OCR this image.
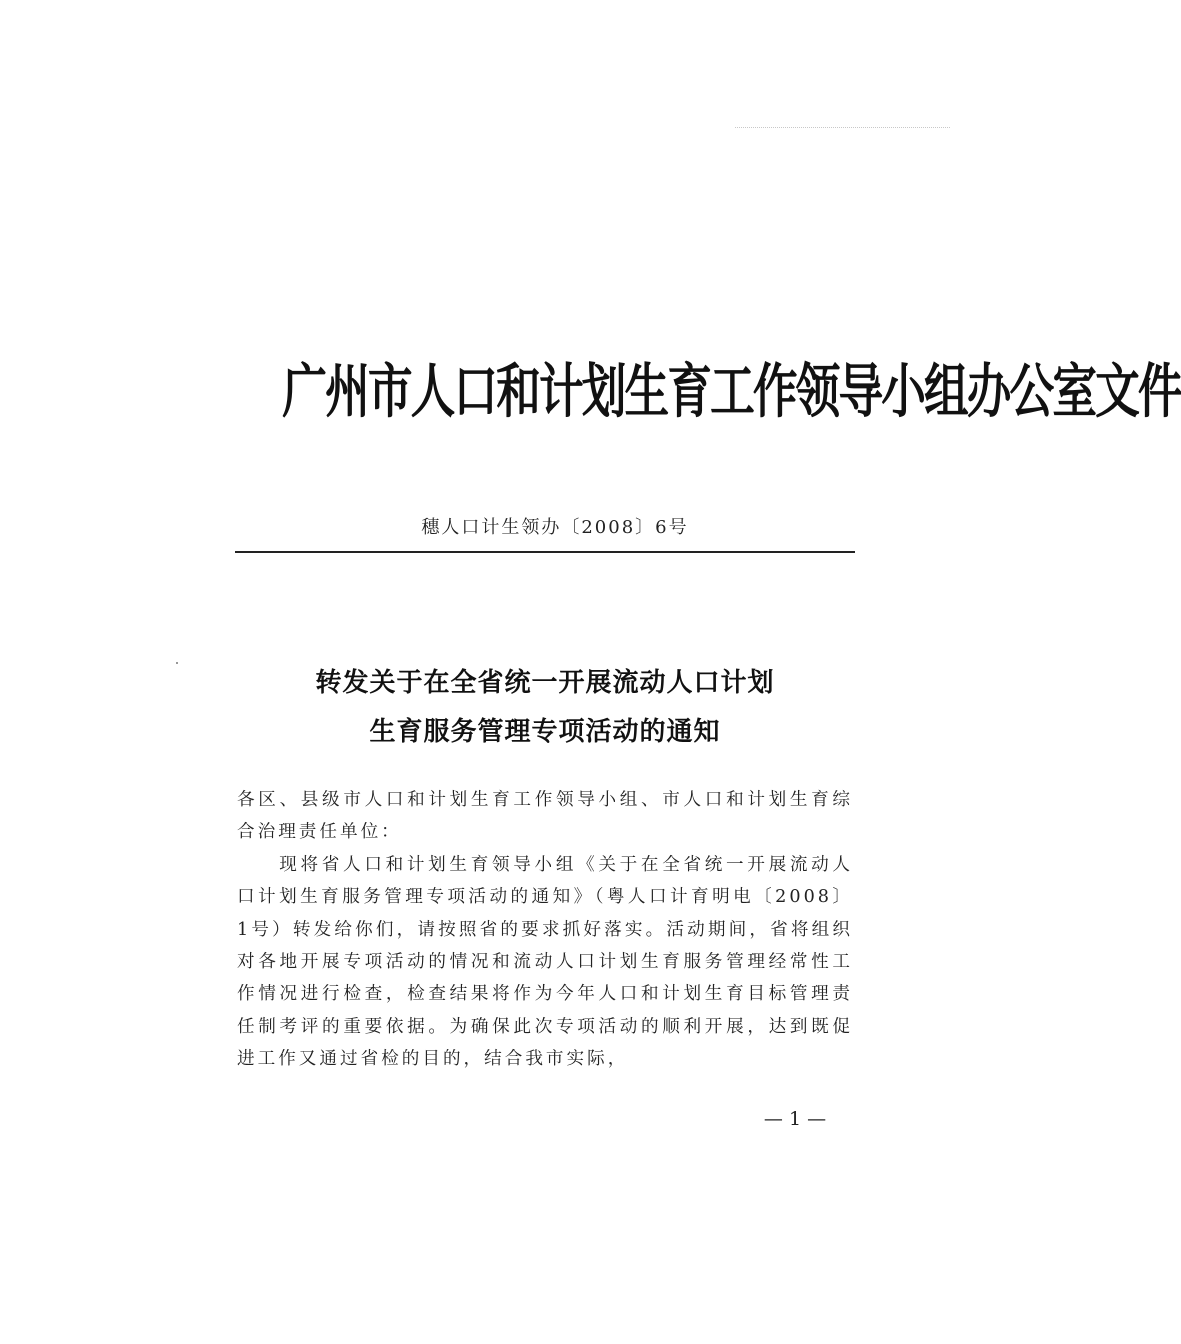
广州市人口和计划生育工作领导小组办公室文件
穗人口计生领办〔2008〕6号
转发关于在全省统一开展流动人口计划
生育服务管理专项活动的通知

各区、县级市人口和计划生育工作领导小组、市人口和计划生育综合治理责任单位：

现将省人口和计划生育领导小组《关于在全省统一开展流动人口计划生育服务管理专项活动的通知》（粤人口计育明电〔2008〕1号）转发给你们，请按照省的要求抓好落实。活动期间，省将组织对各地开展专项活动的情况和流动人口计划生育服务管理经常性工作情况进行检查，检查结果将作为今年人口和计划生育目标管理责任制考评的重要依据。为确保此次专项活动的顺利开展，达到既促进工作又通过省检的目的，结合我市实际，

— 1 —
